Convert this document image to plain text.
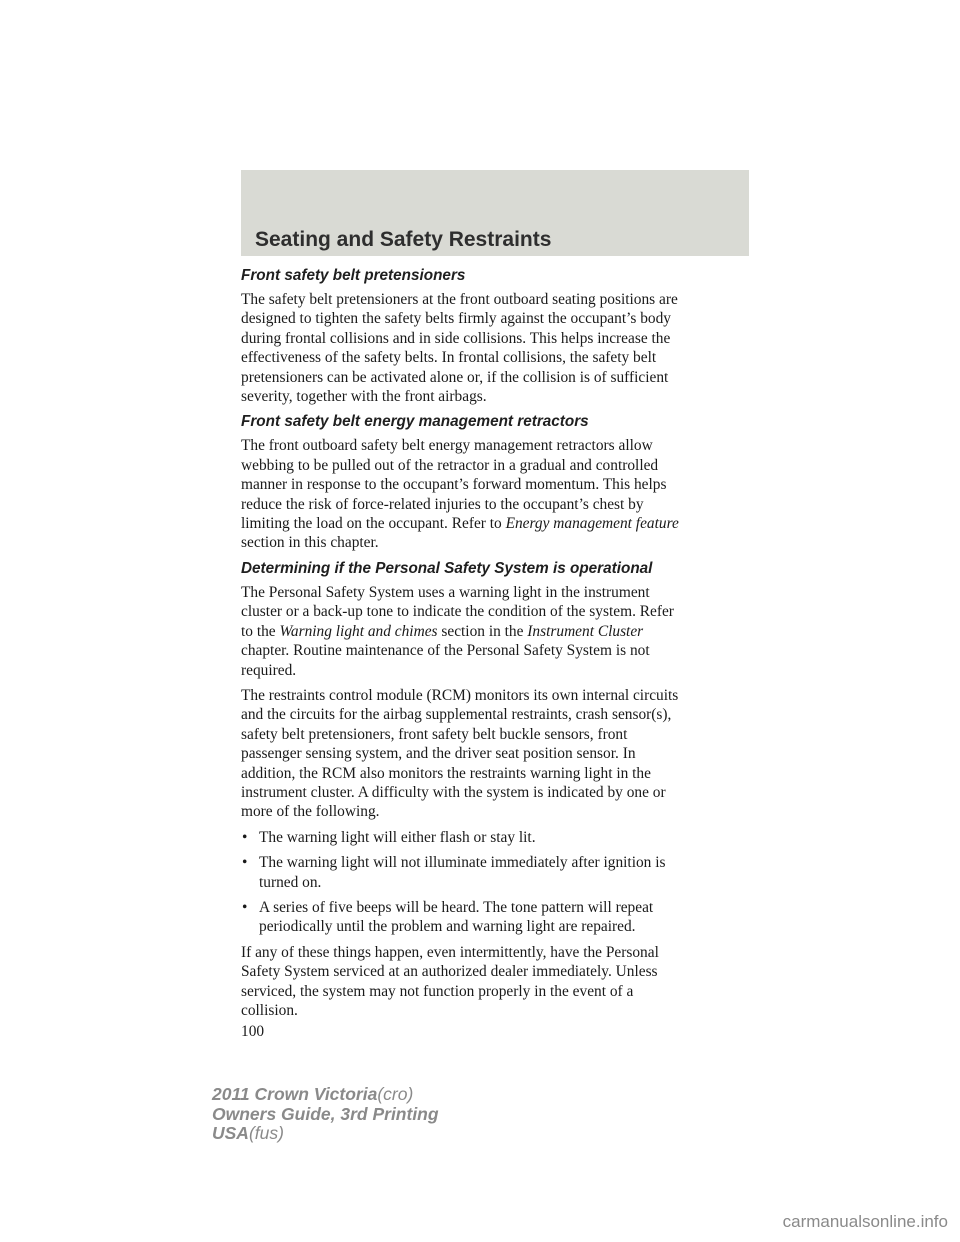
Seating and Safety Restraints
Front safety belt pretensioners

The safety belt pretensioners at the front outboard seating positions are
designed to tighten the safety belts firmly against the occupant’s body
during frontal collisions and in side collisions. This helps increase the
effectiveness of the safety belts. In frontal collisions, the safety belt
pretensioners can be activated alone or, if the collision is of sufficient
severity, together with the front airbags.

Front safety belt energy management retractors

The front outboard safety belt energy management retractors allow
webbing to be pulled out of the retractor in a gradual and controlled
manner in response to the occupant’s forward momentum. This helps
reduce the risk of force-related injuries to the occupant’s chest by
limiting the load on the occupant. Refer to Energy management feature
section in this chapter.

Determining if the Personal Safety System is operational

The Personal Safety System uses a warning light in the instrument
cluster or a back-up tone to indicate the condition of the system. Refer
to the Warning light and chimes section in the Instrument Cluster
chapter. Routine maintenance of the Personal Safety System is not
required.

The restraints control module (RCM) monitors its own internal circuits
and the circuits for the airbag supplemental restraints, crash sensor(s),
safety belt pretensioners, front safety belt buckle sensors, front
passenger sensing system, and the driver seat position sensor. In
addition, the RCM also monitors the restraints warning light in the
instrument cluster. A difficulty with the system is indicated by one or
more of the following.

• The warning light will either flash or stay lit.
• The warning light will not illuminate immediately after ignition is
turned on.
• A series of five beeps will be heard. The tone pattern will repeat
periodically until the problem and warning light are repaired.

If any of these things happen, even intermittently, have the Personal
Safety System serviced at an authorized dealer immediately. Unless
serviced, the system may not function properly in the event of a
collision.

100
2011 Crown Victoria(cro)
Owners Guide, 3rd Printing
USA(fus)
carmanualsonline.info
